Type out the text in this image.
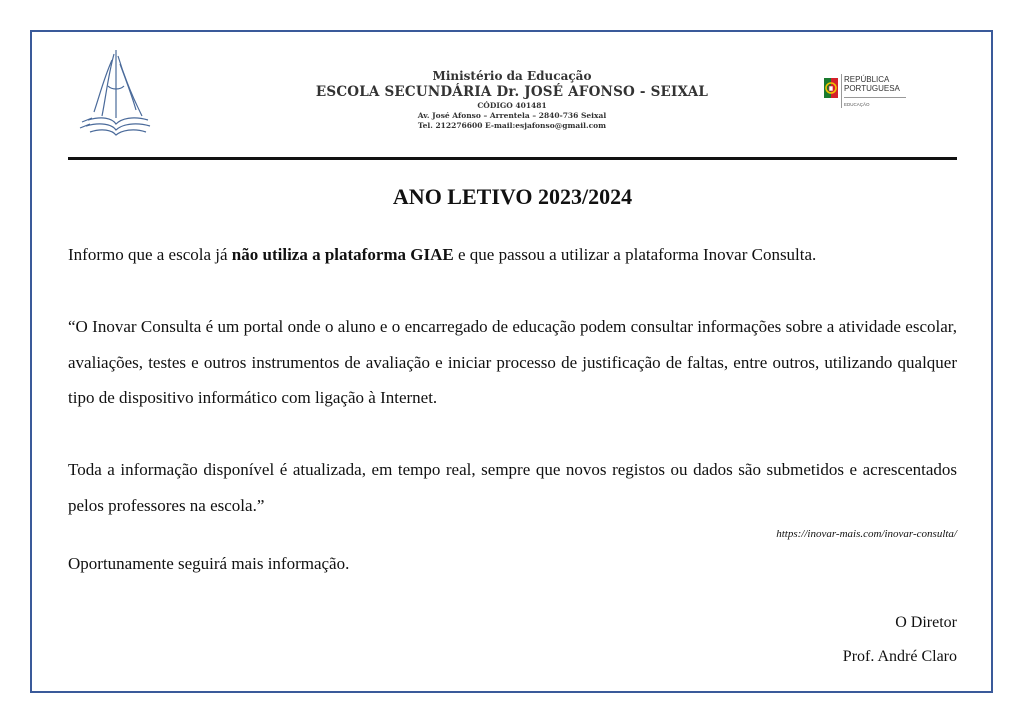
Ministério da Educação
ESCOLA SECUNDÁRIA Dr. JOSÉ AFONSO - SEIXAL
CÓDIGO 401481
Av. José Afonso – Arrentela – 2840-736 Seixal
Tel. 212276600 E-mail:esjafonso@gmail.com
REPÚBLICA
PORTUGUESA
EDUCAÇÃO
ANO LETIVO 2023/2024
Informo que a escola já não utiliza a plataforma GIAE e que passou a utilizar a plataforma Inovar Consulta.
“O Inovar Consulta é um portal onde o aluno e o encarregado de educação podem consultar informações sobre a atividade escolar, avaliações, testes e outros instrumentos de avaliação e iniciar processo de justificação de faltas, entre outros, utilizando qualquer tipo de dispositivo informático com ligação à Internet.
Toda a informação disponível é atualizada, em tempo real, sempre que novos registos ou dados são submetidos e acrescentados pelos professores na escola.”
https://inovar-mais.com/inovar-consulta/
Oportunamente seguirá mais informação.
O Diretor
Prof. André Claro
